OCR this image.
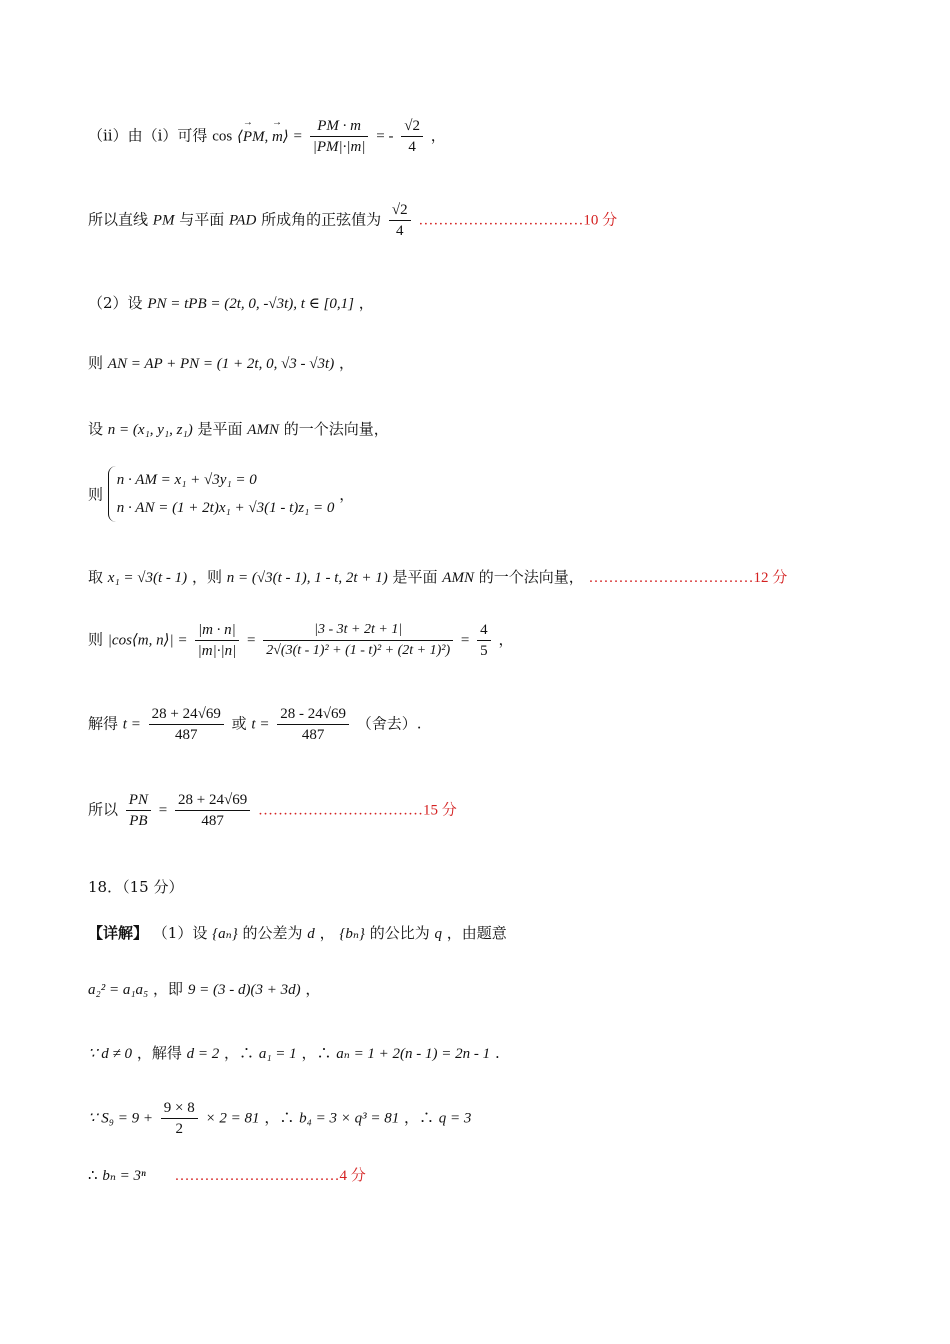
（ii）由（i）可得 cos ⟨→ PM, → m⟩ = $\frac{PM \cdot m}{|PM|\cdot|m|}$ = - $\frac{√2}{4}$ ，
所以直线 PM 与平面 PAD 所成角的正弦值为 $\frac{√2}{4}$ ……………………………10 分
（2）设 PN = tPB = (2t, 0, -√3t), t ∈ [0,1] ，
则 AN = AP + PN = (1 + 2t, 0, √3 - √3t) ，
设 n = (x₁, y₁, z₁) 是平面 AMN 的一个法向量，
则
n · AM = x₁ + √3y₁ = 0
n · AN = (1 + 2t)x₁ + √3(1 - t)z₁ = 0
，
取 x₁ = √3(t - 1) ，则 n = (√3(t - 1), 1 - t, 2t + 1) 是平面 AMN 的一个法向量， ……………………………12 分
则 |cos⟨m, n⟩| = $\frac{|m \cdot n|}{|m|\cdot|n|} = \frac{|3 - 3t + 2t + 1|}{\text{2√(3(t - 1)² + (1 - t)² + (2t + 1)²)}} = \frac{4}{5}$ ，
解得 $t = \frac{28 + 24√69}{487}$ 或 $t = \frac{28 - 24√69}{487}$ （舍去）.
所以 $\frac{PN}{PB} = \frac{28 + 24√69}{487}$ ……………………………15 分
18．（15 分）
【详解】 （1）设 {aₙ} 的公差为 d ， {bₙ} 的公比为 q ，由题意
a₂² = a₁a₅ ，即 9 = (3 - d)(3 + 3d) ，
∵ d ≠ 0 ，解得 d = 2 ，∴ a₁ = 1 ，∴ aₙ = 1 + 2(n - 1) = 2n - 1 .
∵ $S_9 = 9 + \frac{9 \times 8}{2} \times 2 = 81$ ，∴ b₄ = 3 × q³ = 81 ，∴ q = 3
∴ bₙ = 3ⁿ ……………………………4 分
